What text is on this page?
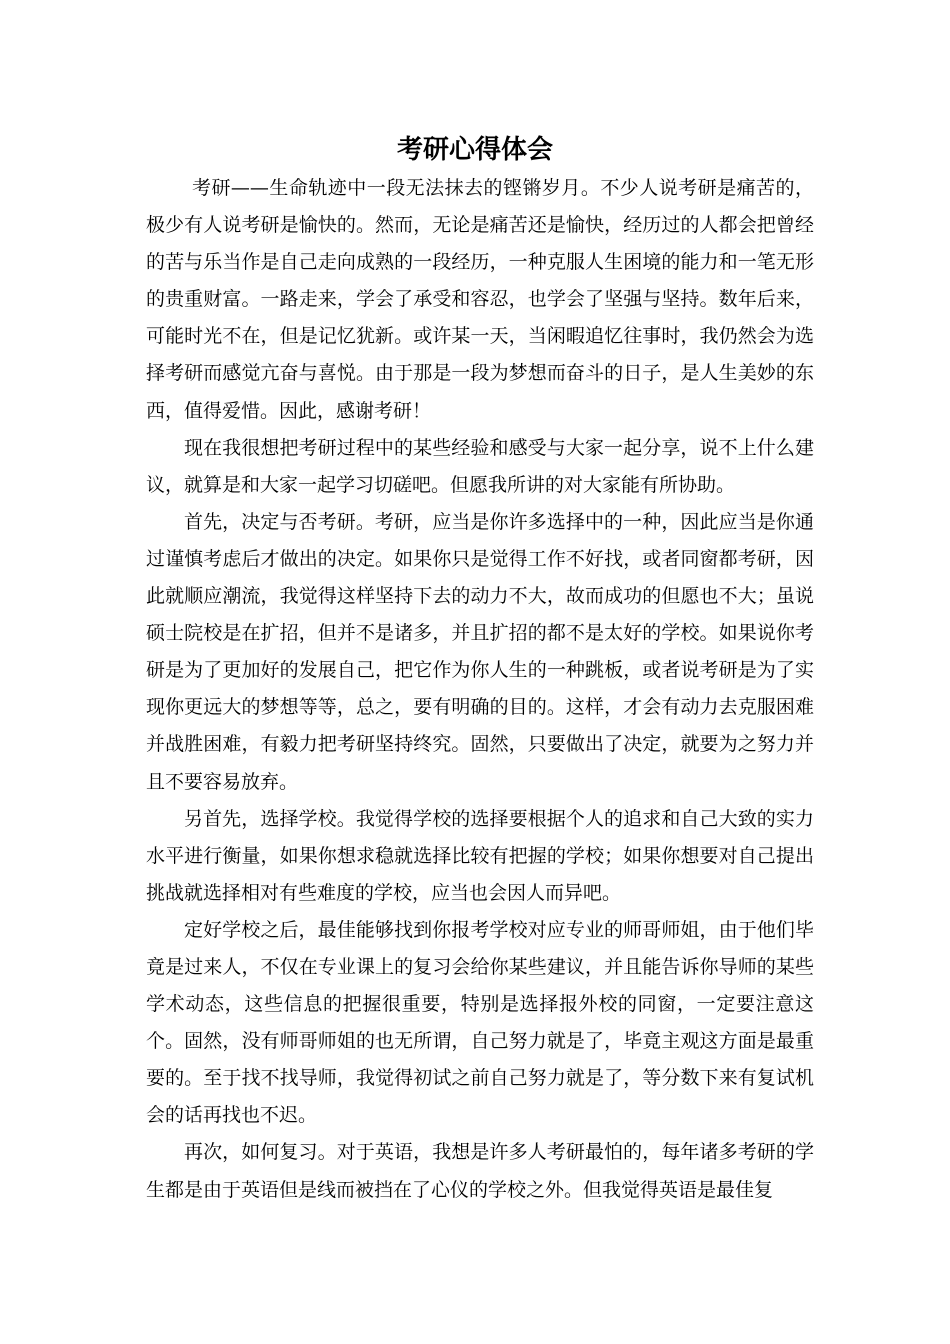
考研心得体会

考研——生命轨迹中一段无法抹去的铿锵岁月。不少人说考研是痛苦的，极少有人说考研是愉快的。然而，无论是痛苦还是愉快，经历过的人都会把曾经的苦与乐当作是自己走向成熟的一段经历，一种克服人生困境的能力和一笔无形的贵重财富。一路走来，学会了承受和容忍，也学会了坚强与坚持。数年后来，可能时光不在，但是记忆犹新。或许某一天，当闲暇追忆往事时，我仍然会为选择考研而感觉亢奋与喜悦。由于那是一段为梦想而奋斗的日子，是人生美妙的东西，值得爱惜。因此，感谢考研！

现在我很想把考研过程中的某些经验和感受与大家一起分享，说不上什么建议，就算是和大家一起学习切磋吧。但愿我所讲的对大家能有所协助。

首先，决定与否考研。考研，应当是你许多选择中的一种，因此应当是你通过谨慎考虑后才做出的决定。如果你只是觉得工作不好找，或者同窗都考研，因此就顺应潮流，我觉得这样坚持下去的动力不大，故而成功的但愿也不大；虽说硕士院校是在扩招，但并不是诸多，并且扩招的都不是太好的学校。如果说你考研是为了更加好的发展自己，把它作为你人生的一种跳板，或者说考研是为了实现你更远大的梦想等等，总之，要有明确的目的。这样，才会有动力去克服困难并战胜困难，有毅力把考研坚持终究。固然，只要做出了决定，就要为之努力并且不要容易放弃。

另首先，选择学校。我觉得学校的选择要根据个人的追求和自己大致的实力水平进行衡量，如果你想求稳就选择比较有把握的学校；如果你想要对自己提出挑战就选择相对有些难度的学校，应当也会因人而异吧。

定好学校之后，最佳能够找到你报考学校对应专业的师哥师姐，由于他们毕竟是过来人，不仅在专业课上的复习会给你某些建议，并且能告诉你导师的某些学术动态，这些信息的把握很重要，特别是选择报外校的同窗，一定要注意这个。固然，没有师哥师姐的也无所谓，自己努力就是了，毕竟主观这方面是最重要的。至于找不找导师，我觉得初试之前自己努力就是了，等分数下来有复试机会的话再找也不迟。

再次，如何复习。对于英语，我想是许多人考研最怕的，每年诸多考研的学生都是由于英语但是线而被挡在了心仪的学校之外。但我觉得英语是最佳复
